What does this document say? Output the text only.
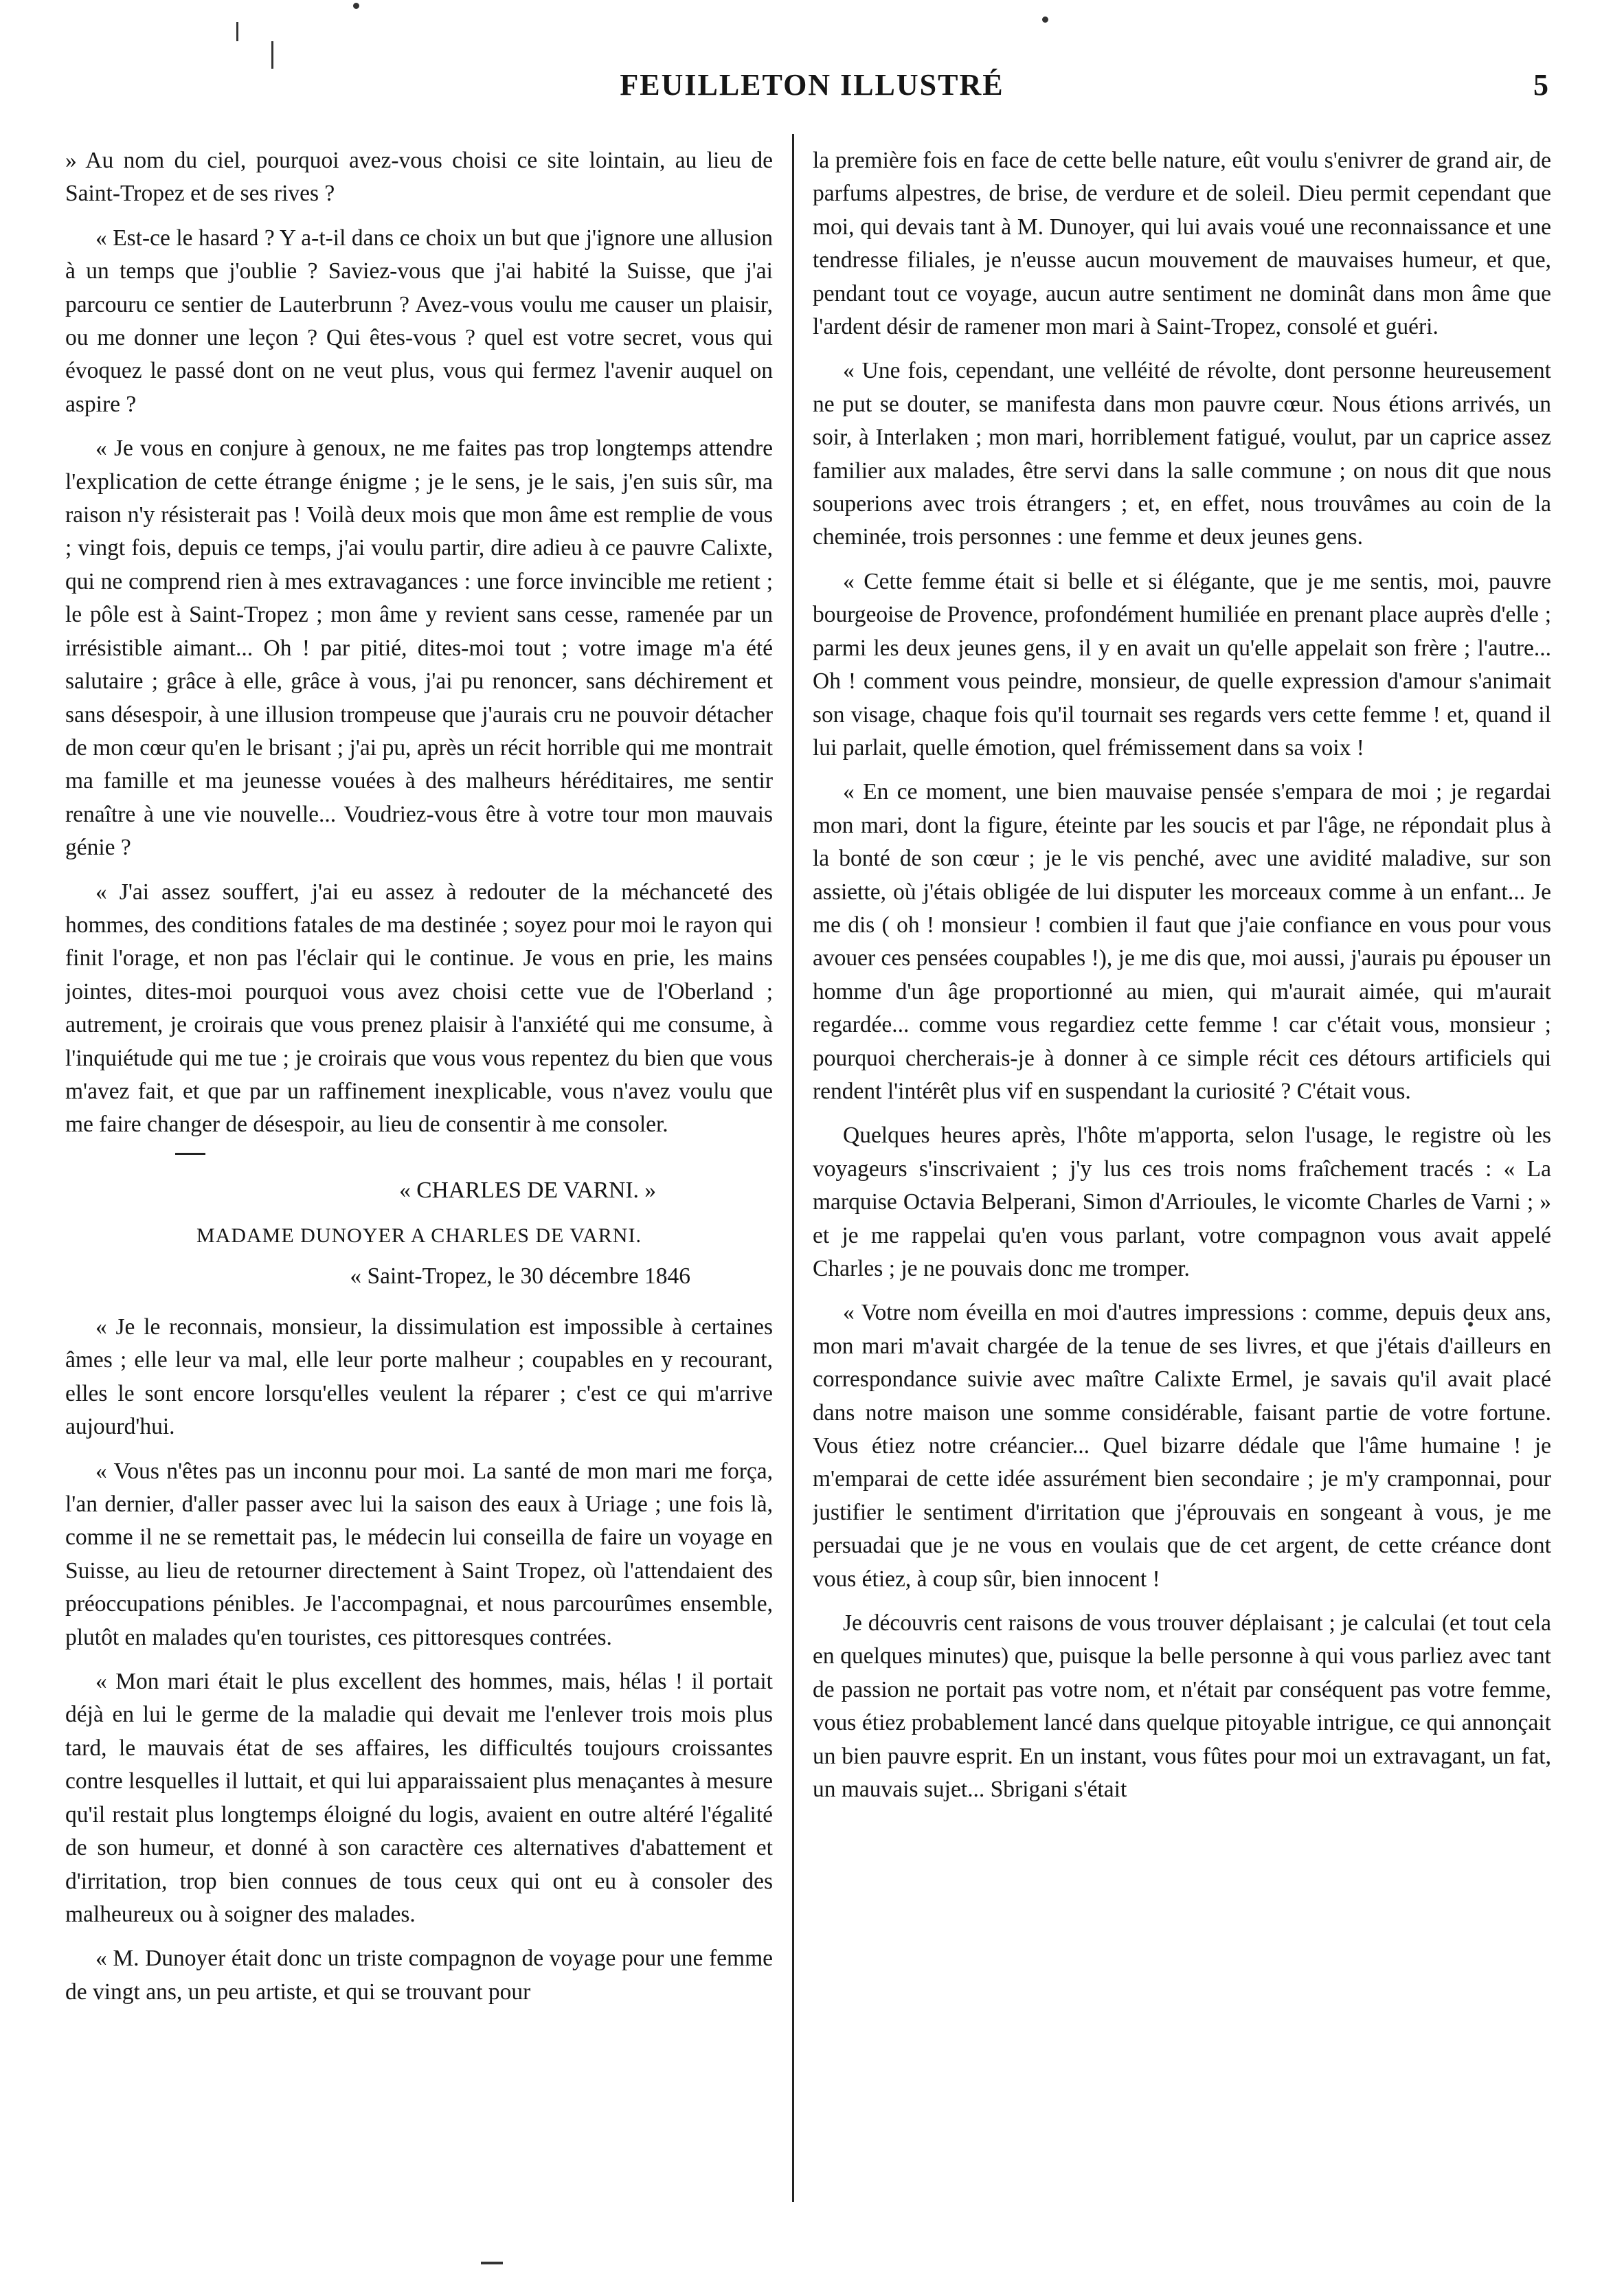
FEUILLETON ILLUSTRÉ	5

» Au nom du ciel, pourquoi avez-vous choisi ce site lointain, au lieu de Saint-Tropez et de ses rives ?

« Est-ce le hasard ? Y a-t-il dans ce choix un but que j'ignore une allusion à un temps que j'oublie ? Saviez-vous que j'ai habité la Suisse, que j'ai parcouru ce sentier de Lauterbrunn ? Avez-vous voulu me causer un plaisir, ou me donner une leçon ? Qui êtes-vous ? quel est votre secret, vous qui évoquez le passé dont on ne veut plus, vous qui fermez l'avenir auquel on aspire ?

« Je vous en conjure à genoux, ne me faites pas trop longtemps attendre l'explication de cette étrange énigme ; je le sens, je le sais, j'en suis sûr, ma raison n'y résisterait pas ! Voilà deux mois que mon âme est remplie de vous ; vingt fois, depuis ce temps, j'ai voulu partir, dire adieu à ce pauvre Calixte, qui ne comprend rien à mes extravagances : une force invincible me retient ; le pôle est à Saint-Tropez ; mon âme y revient sans cesse, ramenée par un irrésistible aimant... Oh ! par pitié, dites-moi tout ; votre image m'a été salutaire ; grâce à elle, grâce à vous, j'ai pu renoncer, sans déchirement et sans désespoir, à une illusion trompeuse que j'aurais cru ne pouvoir détacher de mon cœur qu'en le brisant ; j'ai pu, après un récit horrible qui me montrait ma famille et ma jeunesse vouées à des malheurs héréditaires, me sentir renaître à une vie nouvelle... Voudriez-vous être à votre tour mon mauvais génie ?

« J'ai assez souffert, j'ai eu assez à redouter de la méchanceté des hommes, des conditions fatales de ma destinée ; soyez pour moi le rayon qui finit l'orage, et non pas l'éclair qui le continue. Je vous en prie, les mains jointes, dites-moi pourquoi vous avez choisi cette vue de l'Oberland ; autrement, je croirais que vous prenez plaisir à l'anxiété qui me consume, à l'inquiétude qui me tue ; je croirais que vous vous repentez du bien que vous m'avez fait, et que par un raffinement inexplicable, vous n'avez voulu que me faire changer de désespoir, au lieu de consentir à me consoler.

« CHARLES DE VARNI. »
MADAME DUNOYER A CHARLES DE VARNI.
« Saint-Tropez, le 30 décembre 1846

« Je le reconnais, monsieur, la dissimulation est impossible à certaines âmes ; elle leur va mal, elle leur porte malheur ; coupables en y recourant, elles le sont encore lorsqu'elles veulent la réparer ; c'est ce qui m'arrive aujourd'hui.

« Vous n'êtes pas un inconnu pour moi. La santé de mon mari me força, l'an dernier, d'aller passer avec lui la saison des eaux à Uriage ; une fois là, comme il ne se remettait pas, le médecin lui conseilla de faire un voyage en Suisse, au lieu de retourner directement à Saint Tropez, où l'attendaient des préoccupations pénibles. Je l'accompagnai, et nous parcourûmes ensemble, plutôt en malades qu'en touristes, ces pittoresques contrées.

« Mon mari était le plus excellent des hommes, mais, hélas ! il portait déjà en lui le germe de la maladie qui devait me l'enlever trois mois plus tard, le mauvais état de ses affaires, les difficultés toujours croissantes contre lesquelles il luttait, et qui lui apparaissaient plus menaçantes à mesure qu'il restait plus longtemps éloigné du logis, avaient en outre altéré l'égalité de son humeur, et donné à son caractère ces alternatives d'abattement et d'irritation, trop bien connues de tous ceux qui ont eu à consoler des malheureux ou à soigner des malades.

« M. Dunoyer était donc un triste compagnon de voyage pour une femme de vingt ans, un peu artiste, et qui se trouvant pour

la première fois en face de cette belle nature, eût voulu s'enivrer de grand air, de parfums alpestres, de brise, de verdure et de soleil. Dieu permit cependant que moi, qui devais tant à M. Dunoyer, qui lui avais voué une reconnaissance et une tendresse filiales, je n'eusse aucun mouvement de mauvaises humeur, et que, pendant tout ce voyage, aucun autre sentiment ne dominât dans mon âme que l'ardent désir de ramener mon mari à Saint-Tropez, consolé et guéri.

« Une fois, cependant, une velléité de révolte, dont personne heureusement ne put se douter, se manifesta dans mon pauvre cœur. Nous étions arrivés, un soir, à Interlaken ; mon mari, horriblement fatigué, voulut, par un caprice assez familier aux malades, être servi dans la salle commune ; on nous dit que nous souperions avec trois étrangers ; et, en effet, nous trouvâmes au coin de la cheminée, trois personnes : une femme et deux jeunes gens.

« Cette femme était si belle et si élégante, que je me sentis, moi, pauvre bourgeoise de Provence, profondément humiliée en prenant place auprès d'elle ; parmi les deux jeunes gens, il y en avait un qu'elle appelait son frère ; l'autre... Oh ! comment vous peindre, monsieur, de quelle expression d'amour s'animait son visage, chaque fois qu'il tournait ses regards vers cette femme ! et, quand il lui parlait, quelle émotion, quel frémissement dans sa voix !

« En ce moment, une bien mauvaise pensée s'empara de moi ; je regardai mon mari, dont la figure, éteinte par les soucis et par l'âge, ne répondait plus à la bonté de son cœur ; je le vis penché, avec une avidité maladive, sur son assiette, où j'étais obligée de lui disputer les morceaux comme à un enfant... Je me dis ( oh ! monsieur ! combien il faut que j'aie confiance en vous pour vous avouer ces pensées coupables !), je me dis que, moi aussi, j'aurais pu épouser un homme d'un âge proportionné au mien, qui m'aurait aimée, qui m'aurait regardée... comme vous regardiez cette femme ! car c'était vous, monsieur ; pourquoi chercherais-je à donner à ce simple récit ces détours artificiels qui rendent l'intérêt plus vif en suspendant la curiosité ? C'était vous.

Quelques heures après, l'hôte m'apporta, selon l'usage, le registre où les voyageurs s'inscrivaient ; j'y lus ces trois noms fraîchement tracés : « La marquise Octavia Belperani, Simon d'Arrioules, le vicomte Charles de Varni ; » et je me rappelai qu'en vous parlant, votre compagnon vous avait appelé Charles ; je ne pouvais donc me tromper.

« Votre nom éveilla en moi d'autres impressions : comme, depuis deux ans, mon mari m'avait chargée de la tenue de ses livres, et que j'étais d'ailleurs en correspondance suivie avec maître Calixte Ermel, je savais qu'il avait placé dans notre maison une somme considérable, faisant partie de votre fortune. Vous étiez notre créancier... Quel bizarre dédale que l'âme humaine ! je m'emparai de cette idée assurément bien secondaire ; je m'y cramponnai, pour justifier le sentiment d'irritation que j'éprouvais en songeant à vous, je me persuadai que je ne vous en voulais que de cet argent, de cette créance dont vous étiez, à coup sûr, bien innocent !

Je découvris cent raisons de vous trouver déplaisant ; je calculai (et tout cela en quelques minutes) que, puisque la belle personne à qui vous parliez avec tant de passion ne portait pas votre nom, et n'était par conséquent pas votre femme, vous étiez probablement lancé dans quelque pitoyable intrigue, ce qui annonçait un bien pauvre esprit. En un instant, vous fûtes pour moi un extravagant, un fat, un mauvais sujet... Sbrigani s'était
